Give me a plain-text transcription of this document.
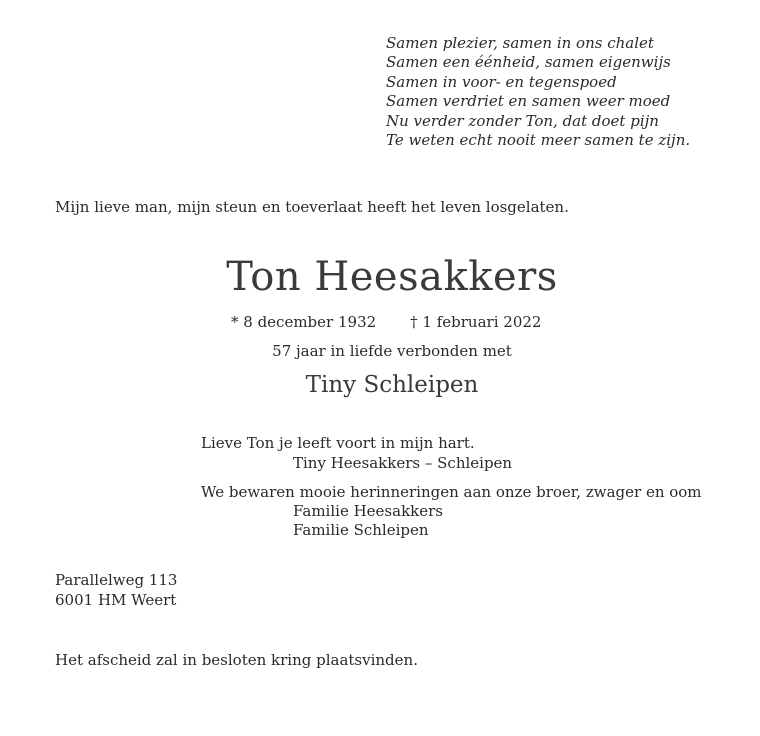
Samen plezier, samen in ons chalet
Samen een éénheid, samen eigenwijs
Samen in voor- en tegenspoed
Samen verdriet en samen weer moed
Nu verder zonder Ton, dat doet pijn
Te weten echt nooit meer samen te zijn.
Mijn lieve man, mijn steun en toeverlaat heeft het leven losgelaten.
Ton Heesakkers
* 8 december 1932 † 1 februari 2022
57 jaar in liefde verbonden met
Tiny Schleipen
Lieve Ton je leeft voort in mijn hart.
Tiny Heesakkers – Schleipen
We bewaren mooie herinneringen aan onze broer, zwager en oom
Familie Heesakkers
Familie Schleipen
Parallelweg 113
6001 HM Weert
Het afscheid zal in besloten kring plaatsvinden.
